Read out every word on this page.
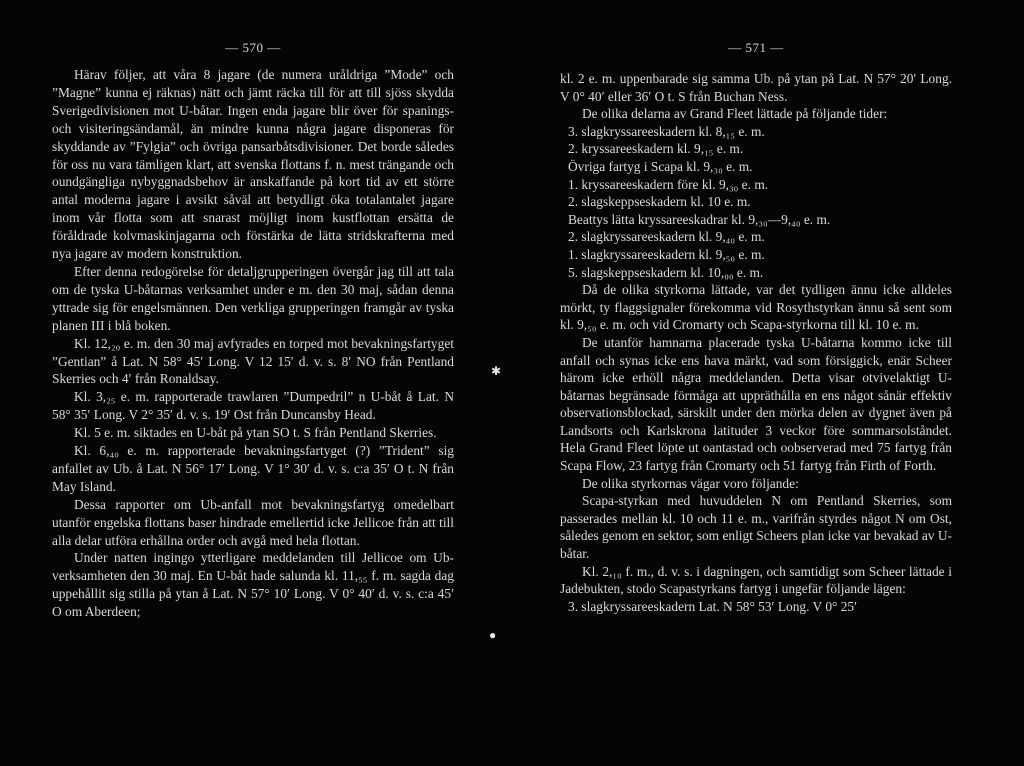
— 570 —

Härav följer, att våra 8 jagare (de numera uråldriga ”Mode” och ”Magne” kunna ej räknas) nätt och jämt räcka till för att till sjöss skydda Sverigedivisionen mot U-båtar. Ingen enda jagare blir över för spanings- och visiteringsändamål, än mindre kunna några jagare disponeras för skyddande av ”Fylgia” och övriga pansarbåtsdivisioner. Det borde således för oss nu vara tämligen klart, att svenska flottans f. n. mest trängande och oundgängliga nybyggnadsbehov är anskaffande på kort tid av ett större antal moderna jagare i avsikt såväl att betydligt öka totalantalet jagare inom vår flotta som att snarast möjligt inom kustflottan ersätta de föråldrade kolvmaskinjagarna och förstärka de lätta stridskrafterna med nya jagare av modern konstruktion.

Efter denna redogörelse för detaljgrupperingen övergår jag till att tala om de tyska U-båtarnas verksamhet under e m. den 30 maj, sådan denna yttrade sig för engelsmännen. Den verkliga grupperingen framgår av tyska planen III i blå boken.

Kl. 12,₂₀ e. m. den 30 maj avfyrades en torped mot bevakningsfartyget ”Gentian” å Lat. N 58° 45′ Long. V 12 15′ d. v. s. 8′ NO från Pentland Skerries och 4′ från Ronaldsay.

Kl. 3,₂₅ e. m. rapporterade trawlaren ”Dumpedril” n U-båt å Lat. N 58° 35′ Long. V 2° 35′ d. v. s. 19′ Ost från Duncansby Head.

Kl. 5 e. m. siktades en U-båt på ytan SO t. S från Pentland Skerries.

Kl. 6,₄₀ e. m. rapporterade bevakningsfartyget (?) ”Trident” sig anfallet av Ub. å Lat. N 56° 17′ Long. V 1° 30′ d. v. s. c:a 35′ O t. N från May Island.

Dessa rapporter om Ub-anfall mot bevakningsfartyg omedelbart utanför engelska flottans baser hindrade emellertid icke Jellicoe från att till alla delar utföra erhållna order och avgå med hela flottan.

Under natten ingingo ytterligare meddelanden till Jellicoe om Ub-verksamheten den 30 maj. En U-båt hade salunda kl. 11,₅₅ f. m. sagda dag uppehållit sig stilla på ytan å Lat. N 57° 10′ Long. V 0° 40′ d. v. s. c:a 45′ O om Aberdeen;

✱
●
— 571 —

kl. 2 e. m. uppenbarade sig samma Ub. på ytan på Lat. N 57° 20′ Long. V 0° 40′ eller 36′ O t. S från Buchan Ness.

De olika delarna av Grand Fleet lättade på följande tider:

3. slagkryssareeskadern kl. 8,₁₅ e. m.

2. kryssareeskadern kl. 9,₁₅ e. m.

Övriga fartyg i Scapa kl. 9,₃₀ e. m.

1. kryssareeskadern före kl. 9,₃₀ e. m.

2. slagskeppseskadern kl. 10 e. m.

Beattys lätta kryssareeskadrar kl. 9,₃₀—9,₄₀ e. m.

2. slagkryssareeskadern kl. 9,₄₀ e. m.

1. slagkryssareeskadern kl. 9,₅₀ e. m.

5. slagskeppseskadern kl. 10,₀₀ e. m.

Då de olika styrkorna lättade, var det tydligen ännu icke alldeles mörkt, ty flaggsignaler förekomma vid Rosythstyrkan ännu så sent som kl. 9,₅₀ e. m. och vid Cromarty och Scapa-styrkorna till kl. 10 e. m.

De utanför hamnarna placerade tyska U-båtarna kommo icke till anfall och synas icke ens hava märkt, vad som försiggick, enär Scheer härom icke erhöll några meddelanden. Detta visar otvivelaktigt U-båtarnas begränsade förmåga att uppräthålla en ens något sånär effektiv observationsblockad, särskilt under den mörka delen av dygnet även på Landsorts och Karlskrona latituder 3 veckor före sommarsolståndet. Hela Grand Fleet löpte ut oantastad och oobserverad med 75 fartyg från Scapa Flow, 23 fartyg från Cromarty och 51 fartyg från Firth of Forth.

De olika styrkornas vägar voro följande:

Scapa-styrkan med huvuddelen N om Pentland Skerries, som passerades mellan kl. 10 och 11 e. m., varifrån styrdes något N om Ost, således genom en sektor, som enligt Scheers plan icke var bevakad av U-båtar.

Kl. 2,₁₀ f. m., d. v. s. i dagningen, och samtidigt som Scheer lättade i Jadebukten, stodo Scapastyrkans fartyg i ungefär följande lägen:

3. slagkryssareeskadern Lat. N 58° 53′ Long. V 0° 25′
